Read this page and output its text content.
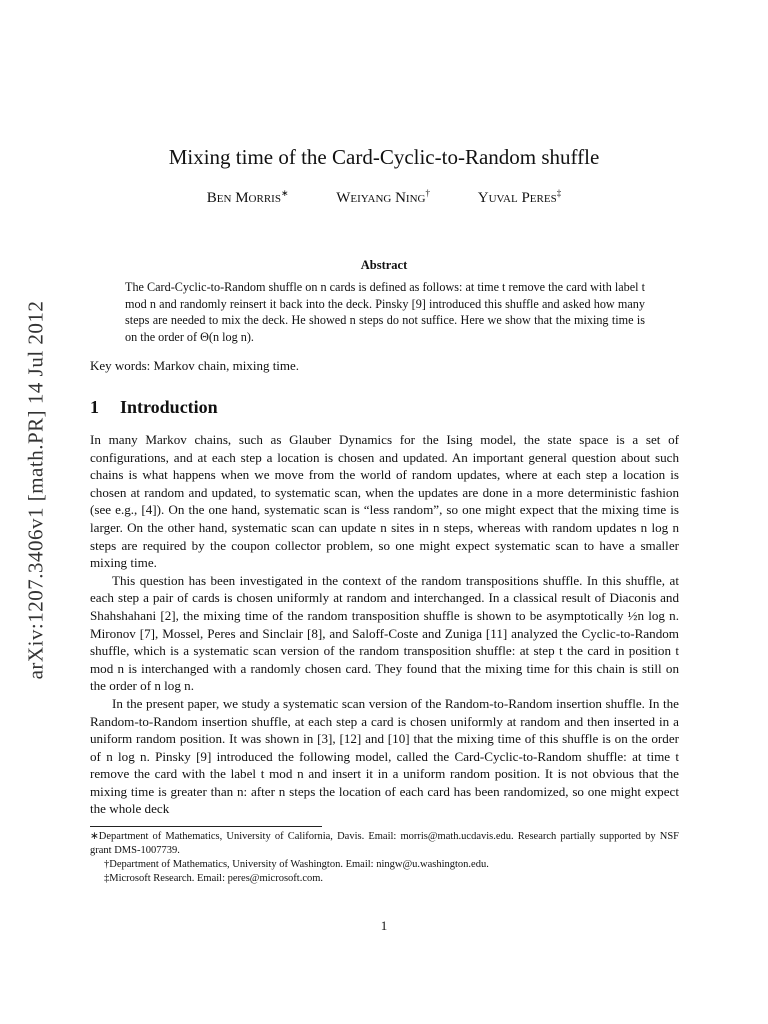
arXiv:1207.3406v1 [math.PR] 14 Jul 2012
Mixing time of the Card-Cyclic-to-Random shuffle
Ben Morris∗	Weiyang Ning†	Yuval Peres‡
Abstract
The Card-Cyclic-to-Random shuffle on n cards is defined as follows: at time t remove the card with label t mod n and randomly reinsert it back into the deck. Pinsky [9] introduced this shuffle and asked how many steps are needed to mix the deck. He showed n steps do not suffice. Here we show that the mixing time is on the order of Θ(n log n).
Key words: Markov chain, mixing time.
1 Introduction

In many Markov chains, such as Glauber Dynamics for the Ising model, the state space is a set of configurations, and at each step a location is chosen and updated. An important general question about such chains is what happens when we move from the world of random updates, where at each step a location is chosen at random and updated, to systematic scan, when the updates are done in a more deterministic fashion (see e.g., [4]). On the one hand, systematic scan is “less random”, so one might expect that the mixing time is larger. On the other hand, systematic scan can update n sites in n steps, whereas with random updates n log n steps are required by the coupon collector problem, so one might expect systematic scan to have a smaller mixing time.

This question has been investigated in the context of the random transpositions shuffle. In this shuffle, at each step a pair of cards is chosen uniformly at random and interchanged. In a classical result of Diaconis and Shahshahani [2], the mixing time of the random transposition shuffle is shown to be asymptotically ½n log n. Mironov [7], Mossel, Peres and Sinclair [8], and Saloff-Coste and Zuniga [11] analyzed the Cyclic-to-Random shuffle, which is a systematic scan version of the random transposition shuffle: at step t the card in position t mod n is interchanged with a randomly chosen card. They found that the mixing time for this chain is still on the order of n log n.

In the present paper, we study a systematic scan version of the Random-to-Random insertion shuffle. In the Random-to-Random insertion shuffle, at each step a card is chosen uniformly at random and then inserted in a uniform random position. It was shown in [3], [12] and [10] that the mixing time of this shuffle is on the order of n log n. Pinsky [9] introduced the following model, called the Card-Cyclic-to-Random shuffle: at time t remove the card with the label t mod n and insert it in a uniform random position. It is not obvious that the mixing time is greater than n: after n steps the location of each card has been randomized, so one might expect the whole deck

∗Department of Mathematics, University of California, Davis. Email: morris@math.ucdavis.edu. Research partially supported by NSF grant DMS-1007739.
†Department of Mathematics, University of Washington. Email: ningw@u.washington.edu.
‡Microsoft Research. Email: peres@microsoft.com.
1
